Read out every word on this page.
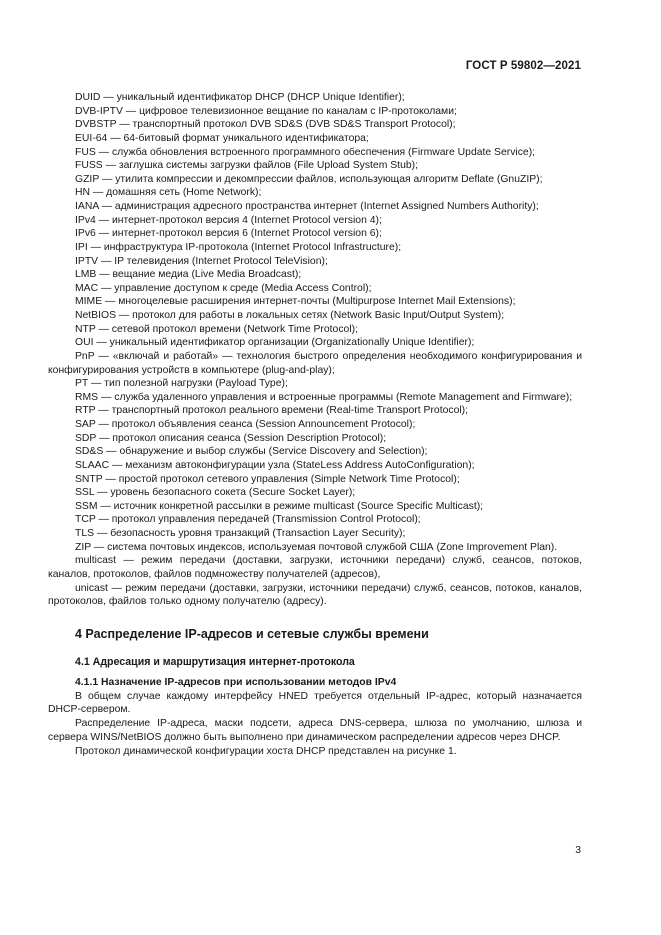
ГОСТ Р 59802—2021

DUID — уникальный идентификатор DHCP (DHCP Unique Identifier);

DVB-IPTV — цифровое телевизионное вещание по каналам с IP-протоколами;

DVBSTP — транспортный протокол DVB SD&S (DVB SD&S Transport Protocol);

EUI-64 — 64-битовый формат уникального идентификатора;

FUS — служба обновления встроенного программного обеспечения (Firmware Update Service);

FUSS — заглушка системы загрузки файлов (File Upload System Stub);

GZIP — утилита компрессии и декомпрессии файлов, использующая алгоритм Deflate (GnuZIP);

HN — домашняя сеть (Home Network);

IANA — администрация адресного пространства интернет (Internet Assigned Numbers Authority);

IPv4 — интернет-протокол версия 4 (Internet Protocol version 4);

IPv6 — интернет-протокол версия 6 (Internet Protocol version 6);

IPI — инфраструктура IP-протокола (Internet Protocol Infrastructure);

IPTV — IP телевидения (Internet Protocol TeleVision);

LMB — вещание медиа (Live Media Broadcast);

MAC — управление доступом к среде (Media Access Control);

MIME — многоцелевые расширения интернет-почты (Multipurpose Internet Mail Extensions);

NetBIOS — протокол для работы в локальных сетях (Network Basic Input/Output System);

NTP — сетевой протокол времени (Network Time Protocol);

OUI — уникальный идентификатор организации (Organizationally Unique Identifier);

PnP — «включай и работай» — технология быстрого определения необходимого конфигурирования и конфигурирования устройств в компьютере (plug-and-play);

PT — тип полезной нагрузки (Payload Type);

RMS — служба удаленного управления и встроенные программы (Remote Management and Firmware);

RTP — транспортный протокол реального времени (Real-time Transport Protocol);

SAP — протокол объявления сеанса (Session Announcement Protocol);

SDP — протокол описания сеанса (Session Description Protocol);

SD&S — обнаружение и выбор службы (Service Discovery and Selection);

SLAAC — механизм автоконфигурации узла (StateLess Address AutoConfiguration);

SNTP — простой протокол сетевого управления (Simple Network Time Protocol);

SSL — уровень безопасного сокета (Secure Socket Layer);

SSM — источник конкретной рассылки в режиме multicast (Source Specific Multicast);

TCP — протокол управления передачей (Transmission Control Protocol);

TLS — безопасность уровня транзакций (Transaction Layer Security);

ZIP — система почтовых индексов, используемая почтовой службой США (Zone Improvement Plan).

multicast — режим передачи (доставки, загрузки, источники передачи) служб, сеансов, потоков, каналов, протоколов, файлов подмножеству получателей (адресов),

unicast — режим передачи (доставки, загрузки, источники передачи) служб, сеансов, потоков, каналов, протоколов, файлов только одному получателю (адресу).

4 Распределение IP-адресов и сетевые службы времени
4.1 Адресация и маршрутизация интернет-протокола

4.1.1 Назначение IP-адресов при использовании методов IPv4

В общем случае каждому интерфейсу HNED требуется отдельный IP-адрес, который назначается DHCP-сервером.

Распределение IP-адреса, маски подсети, адреса DNS-сервера, шлюза по умолчанию, шлюза и сервера WINS/NetBIOS должно быть выполнено при динамическом распределении адресов через DHCP.

Протокол динамической конфигурации хоста DHCP представлен на рисунке 1.

3
